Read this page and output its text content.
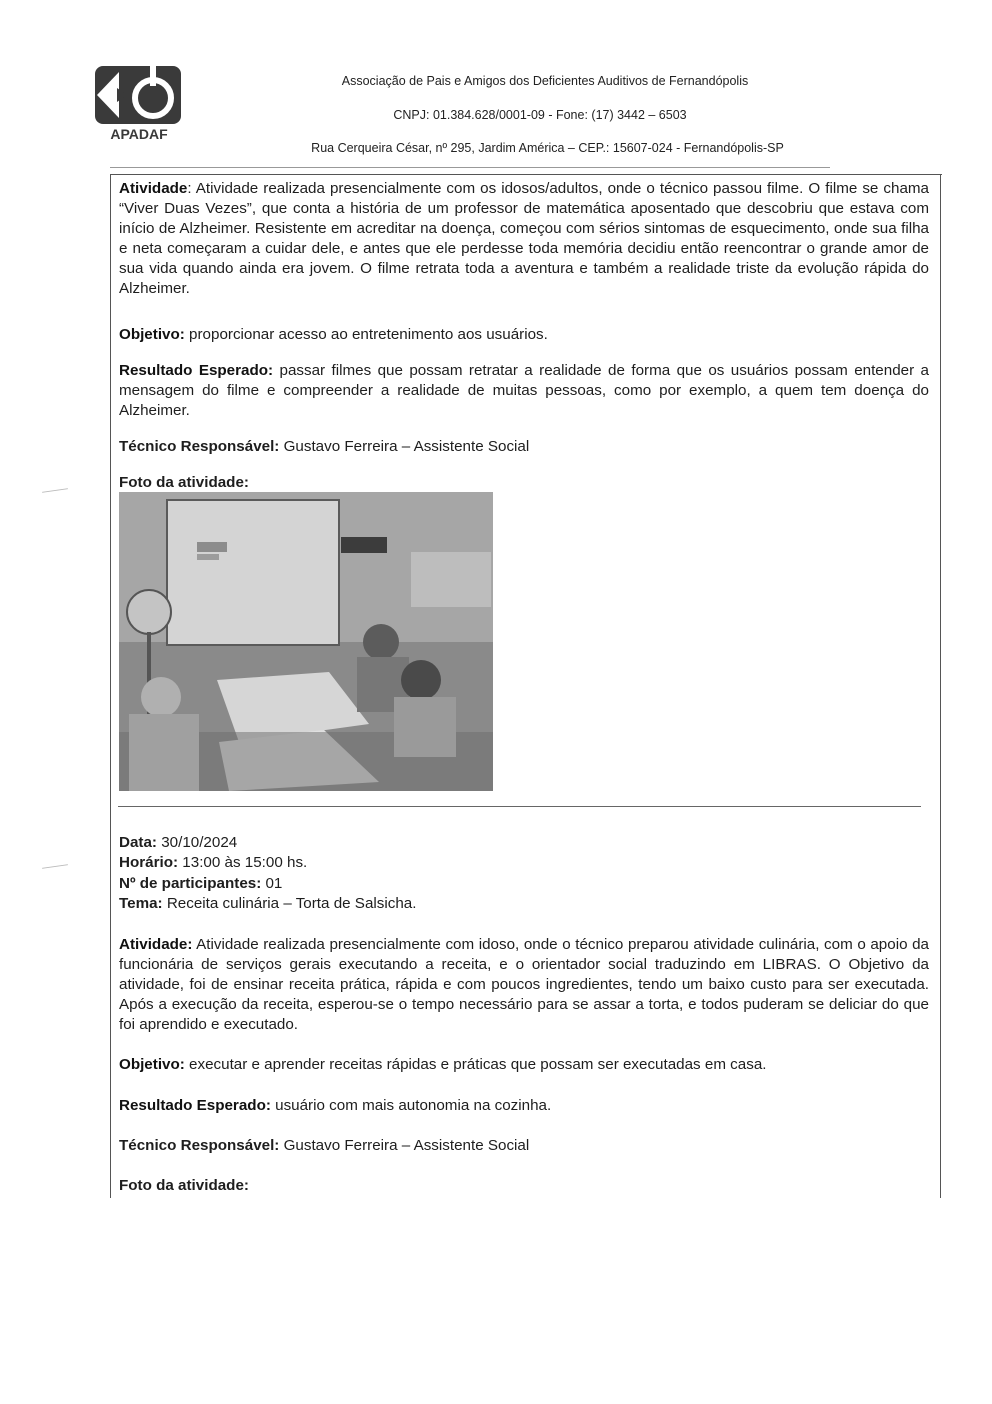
APADAF
Associação de Pais e Amigos dos Deficientes Auditivos de Fernandópolis
CNPJ: 01.384.628/0001-09 - Fone: (17) 3442 – 6503
Rua Cerqueira César, nº 295, Jardim América – CEP.: 15607-024 - Fernandópolis-SP
Atividade: Atividade realizada presencialmente com os idosos/adultos, onde o técnico passou filme. O filme se chama “Viver Duas Vezes”, que conta a história de um professor de matemática aposentado que descobriu que estava com início de Alzheimer. Resistente em acreditar na doença, começou com sérios sintomas de esquecimento, onde sua filha e neta começaram a cuidar dele, e antes que ele perdesse toda memória decidiu então reencontrar o grande amor de sua vida quando ainda era jovem. O filme retrata toda a aventura e também a realidade triste da evolução rápida do Alzheimer.
Objetivo: proporcionar acesso ao entretenimento aos usuários.
Resultado Esperado: passar filmes que possam retratar a realidade de forma que os usuários possam entender a mensagem do filme e compreender a realidade de muitas pessoas, como por exemplo, a quem tem doença do Alzheimer.
Técnico Responsável: Gustavo Ferreira – Assistente Social
Foto da atividade:
Data: 30/10/2024
Horário: 13:00 às 15:00 hs.
Nº de participantes: 01
Tema: Receita culinária – Torta de Salsicha.
Atividade: Atividade realizada presencialmente com idoso, onde o técnico preparou atividade culinária, com o apoio da funcionária de serviços gerais executando a receita, e o orientador social traduzindo em LIBRAS. O Objetivo da atividade, foi de ensinar receita prática, rápida e com poucos ingredientes, tendo um baixo custo para ser executada. Após a execução da receita, esperou-se o tempo necessário para se assar a torta, e todos puderam se deliciar do que foi aprendido e executado.
Objetivo: executar e aprender receitas rápidas e práticas que possam ser executadas em casa.
Resultado Esperado: usuário com mais autonomia na cozinha.
Técnico Responsável: Gustavo Ferreira – Assistente Social
Foto da atividade:
